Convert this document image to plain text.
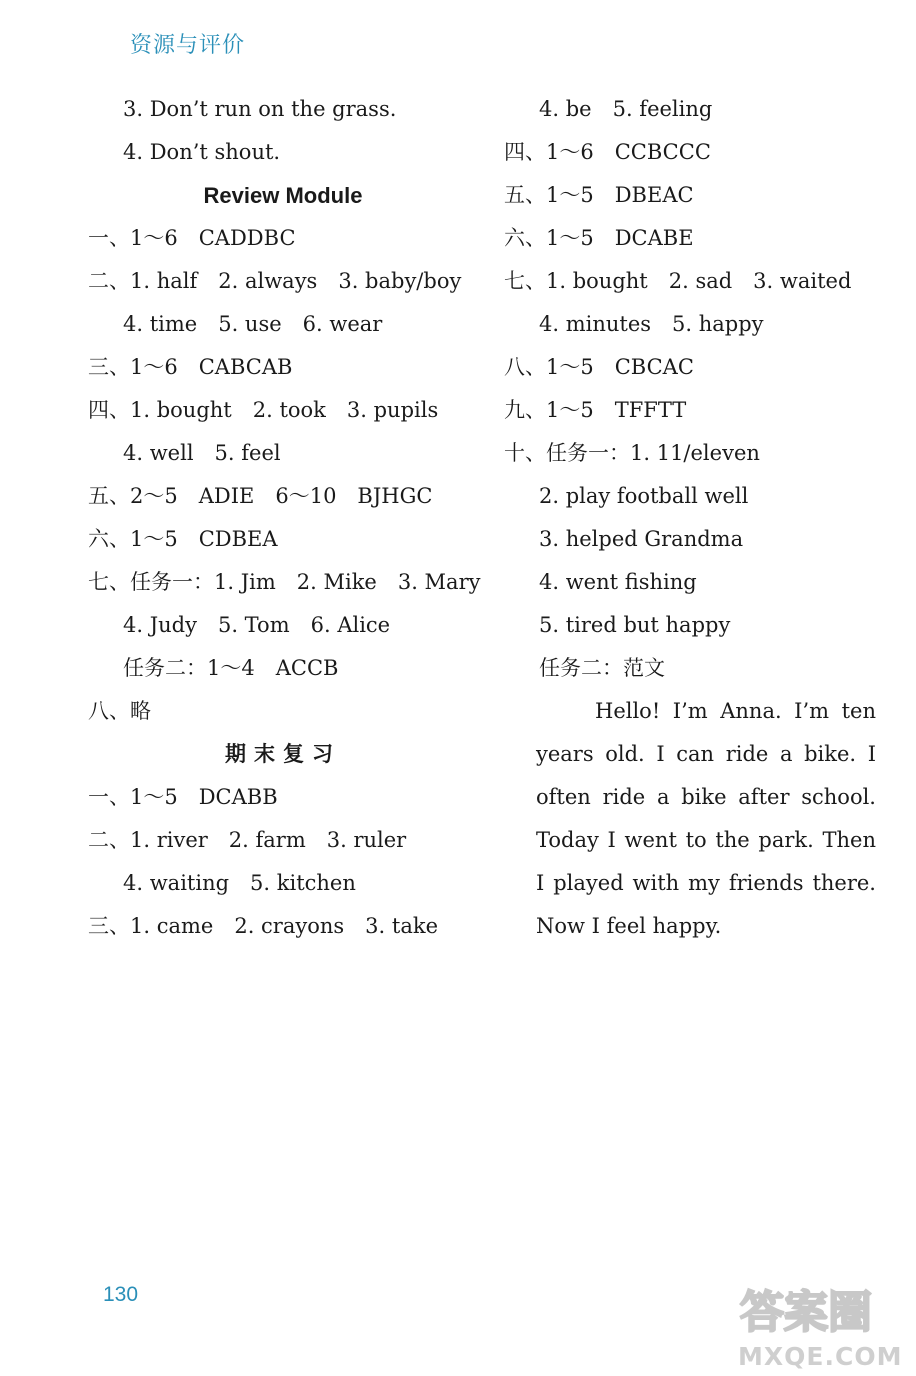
资源与评价
3. Don’t run on the grass.
4. Don’t shout.
Review Module
一、1～6　CADDBC
二、1. half　2. always　3. baby/boy
4. time　5. use　6. wear
三、1～6　CABCAB
四、1. bought　2. took　3. pupils
4. well　5. feel
五、2～5　ADIE　6～10　BJHGC
六、1～5　CDBEA
七、任务一：1. Jim　2. Mike　3. Mary
4. Judy　5. Tom　6. Alice
任务二：1～4　ACCB
八、略
期末复习
一、1～5　DCABB
二、1. river　2. farm　3. ruler
4. waiting　5. kitchen
三、1. came　2. crayons　3. take
4. be　5. feeling
四、1～6　CCBCCC
五、1～5　DBEAC
六、1～5　DCABE
七、1. bought　2. sad　3. waited
4. minutes　5. happy
八、1～5　CBCAC
九、1～5　TFFTT
十、任务一：1. 11/eleven
2. play football well
3. helped Grandma
4. went fishing
5. tired but happy
任务二：范文
Hello! I’m Anna. I’m ten years old. I can ride a bike. I often ride a bike after school. Today I went to the park. Then I played with my friends there. Now I feel happy.
130	答案圈
MXQE.COM
